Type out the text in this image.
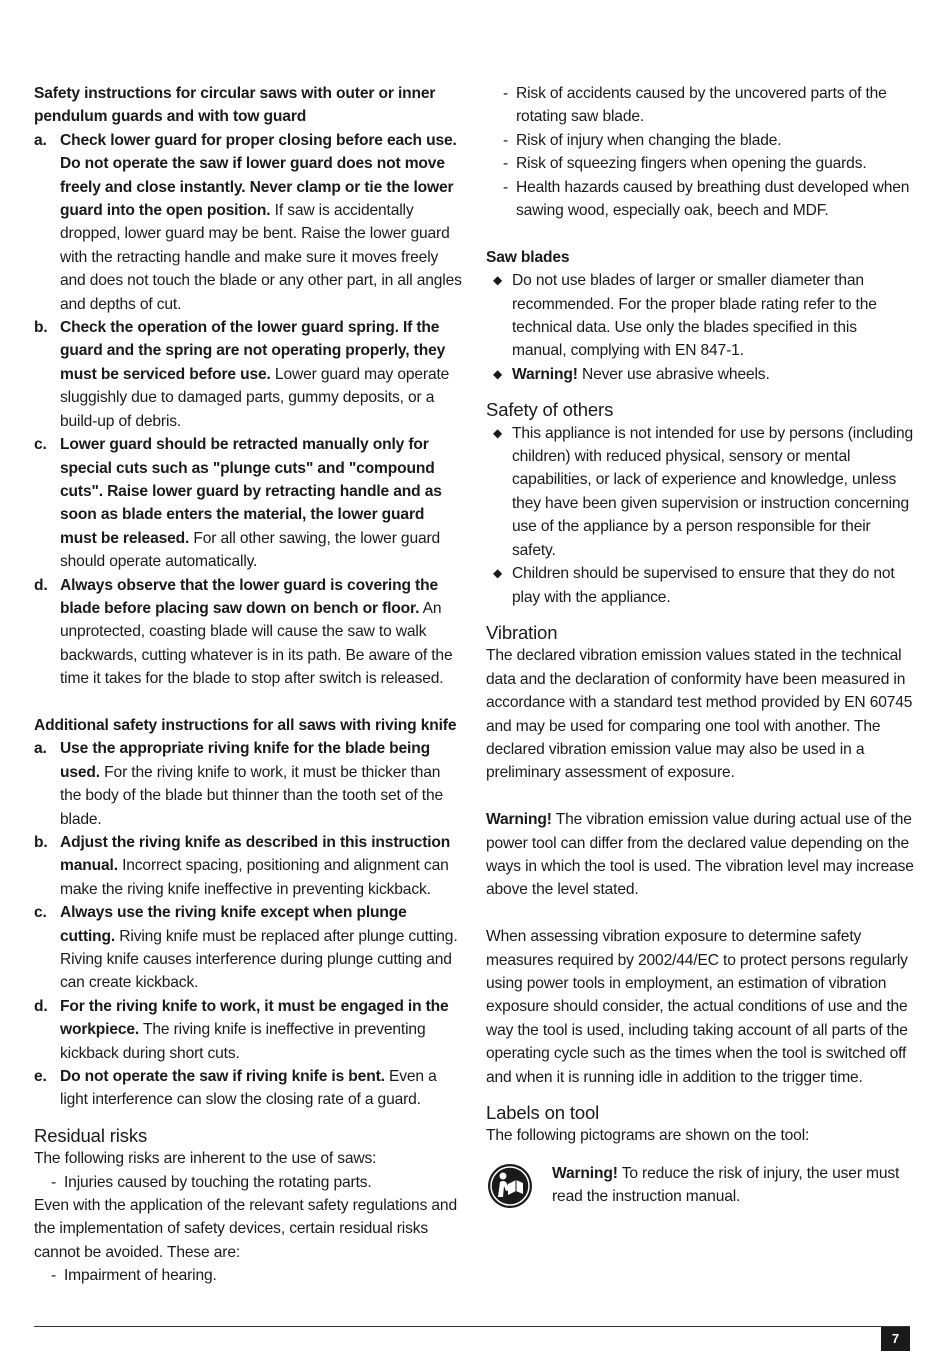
Safety instructions for circular saws with outer or inner pendulum guards and with tow guard

a. Check lower guard for proper closing before each use. Do not operate the saw if lower guard does not move freely and close instantly. Never clamp or tie the lower guard into the open position. If saw is accidentally dropped, lower guard may be bent. Raise the lower guard with the retracting handle and make sure it moves freely and does not touch the blade or any other part, in all angles and depths of cut.
b. Check the operation of the lower guard spring. If the guard and the spring are not operating properly, they must be serviced before use. Lower guard may operate sluggishly due to damaged parts, gummy deposits, or a build-up of debris.
c. Lower guard should be retracted manually only for special cuts such as "plunge cuts" and "compound cuts". Raise lower guard by retracting handle and as soon as blade enters the material, the lower guard must be released. For all other sawing, the lower guard should operate automatically.
d. Always observe that the lower guard is covering the blade before placing saw down on bench or floor. An unprotected, coasting blade will cause the saw to walk backwards, cutting whatever is in its path. Be aware of the time it takes for the blade to stop after switch is released.

Additional safety instructions for all saws with riving knife

a. Use the appropriate riving knife for the blade being used. For the riving knife to work, it must be thicker than the body of the blade but thinner than the tooth set of the blade.
b. Adjust the riving knife as described in this instruction manual. Incorrect spacing, positioning and alignment can make the riving knife ineffective in preventing kickback.
c. Always use the riving knife except when plunge cutting. Riving knife must be replaced after plunge cutting. Riving knife causes interference during plunge cutting and can create kickback.
d. For the riving knife to work, it must be engaged in the workpiece. The riving knife is ineffective in preventing kickback during short cuts.
e. Do not operate the saw if riving knife is bent. Even a light interference can slow the closing rate of a guard.

Residual risks

The following risks are inherent to the use of saws:

- Injuries caused by touching the rotating parts.

Even with the application of the relevant safety regulations and the implementation of safety devices, certain residual risks cannot be avoided. These are:

- Impairment of hearing.
- Risk of accidents caused by the uncovered parts of the rotating saw blade.
- Risk of injury when changing the blade.
- Risk of squeezing fingers when opening the guards.
- Health hazards caused by breathing dust developed when sawing wood, especially oak, beech and MDF.

Saw blades

◆ Do not use blades of larger or smaller diameter than recommended. For the proper blade rating refer to the technical data. Use only the blades specified in this manual, complying with EN 847-1.
◆ Warning! Never use abrasive wheels.

Safety of others

◆ This appliance is not intended for use by persons (including children) with reduced physical, sensory or mental capabilities, or lack of experience and knowledge, unless they have been given supervision or instruction concerning use of the appliance by a person responsible for their safety.
◆ Children should be supervised to ensure that they do not play with the appliance.

Vibration

The declared vibration emission values stated in the technical data and the declaration of conformity have been measured in accordance with a standard test method provided by EN 60745 and may be used for comparing one tool with another. The declared vibration emission value may also be used in a preliminary assessment of exposure.

Warning! The vibration emission value during actual use of the power tool can differ from the declared value depending on the ways in which the tool is used. The vibration level may increase above the level stated.

When assessing vibration exposure to determine safety measures required by 2002/44/EC to protect persons regularly using power tools in employment, an estimation of vibration exposure should consider, the actual conditions of use and the way the tool is used, including taking account of all parts of the operating cycle such as the times when the tool is switched off and when it is running idle in addition to the trigger time.

Labels on tool

The following pictograms are shown on the tool:

Warning! To reduce the risk of injury, the user must read the instruction manual.

7
